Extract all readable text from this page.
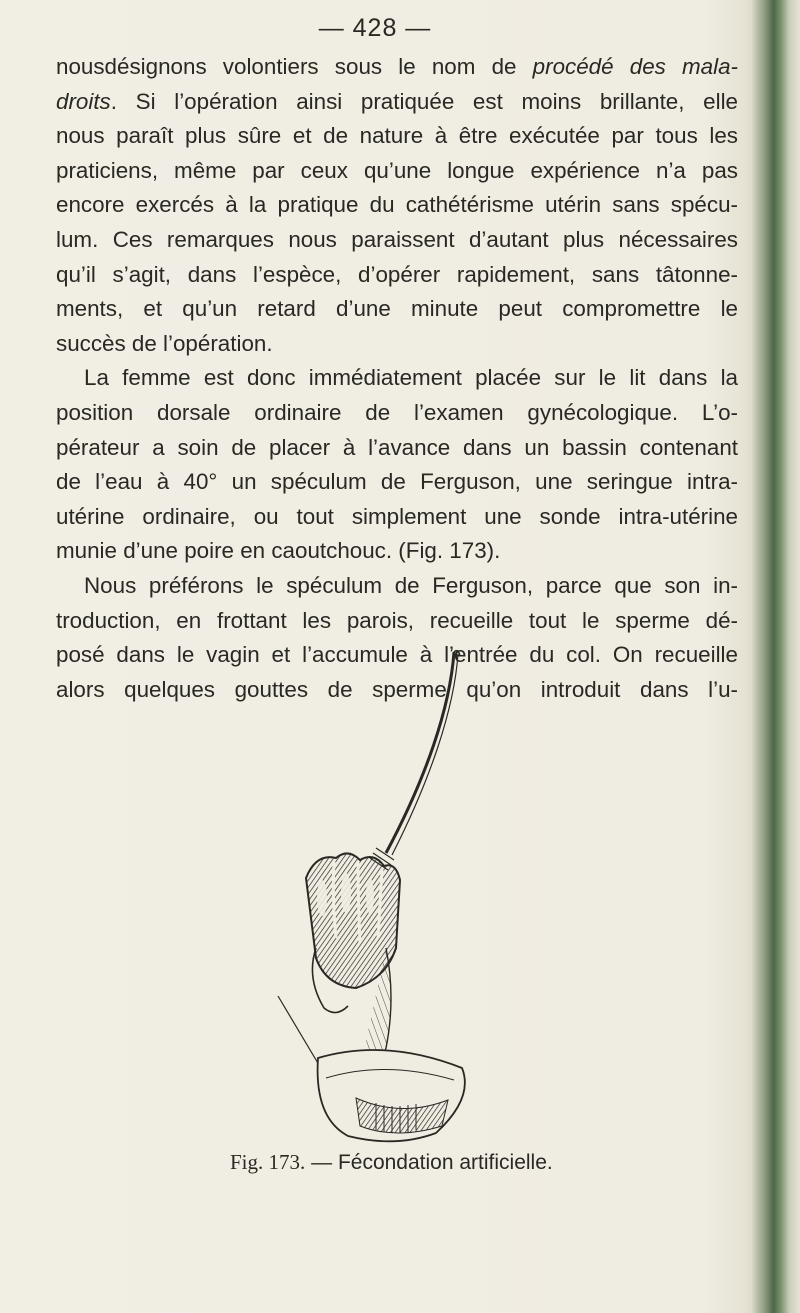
— 428 —

nousdésignons volontiers sous le nom de procédé des mala-
droits. Si l’opération ainsi pratiquée est moins brillante, elle
nous paraît plus sûre et de nature à être exécutée par tous les
praticiens, même par ceux qu’une longue expérience n’a pas
encore exercés à la pratique du cathétérisme utérin sans spécu-
lum. Ces remarques nous paraissent d’autant plus nécessaires
qu’il s’agit, dans l’espèce, d’opérer rapidement, sans tâtonne-
ments, et qu’un retard d’une minute peut compromettre le
succès de l’opération.

La femme est donc immédiatement placée sur le lit dans la
position dorsale ordinaire de l’examen gynécologique. L’o-
pérateur a soin de placer à l’avance dans un bassin contenant
de l’eau à 40° un spéculum de Ferguson, une seringue intra-
utérine ordinaire, ou tout simplement une sonde intra-utérine
munie d’une poire en caoutchouc. (Fig. 173).

Nous préférons le spéculum de Ferguson, parce que son in-
troduction, en frottant les parois, recueille tout le sperme dé-
posé dans le vagin et l’accumule à l’entrée du col. On recueille
alors quelques gouttes de sperme qu’on introduit dans l’u-

Fig. 173. — Fécondation artificielle.
